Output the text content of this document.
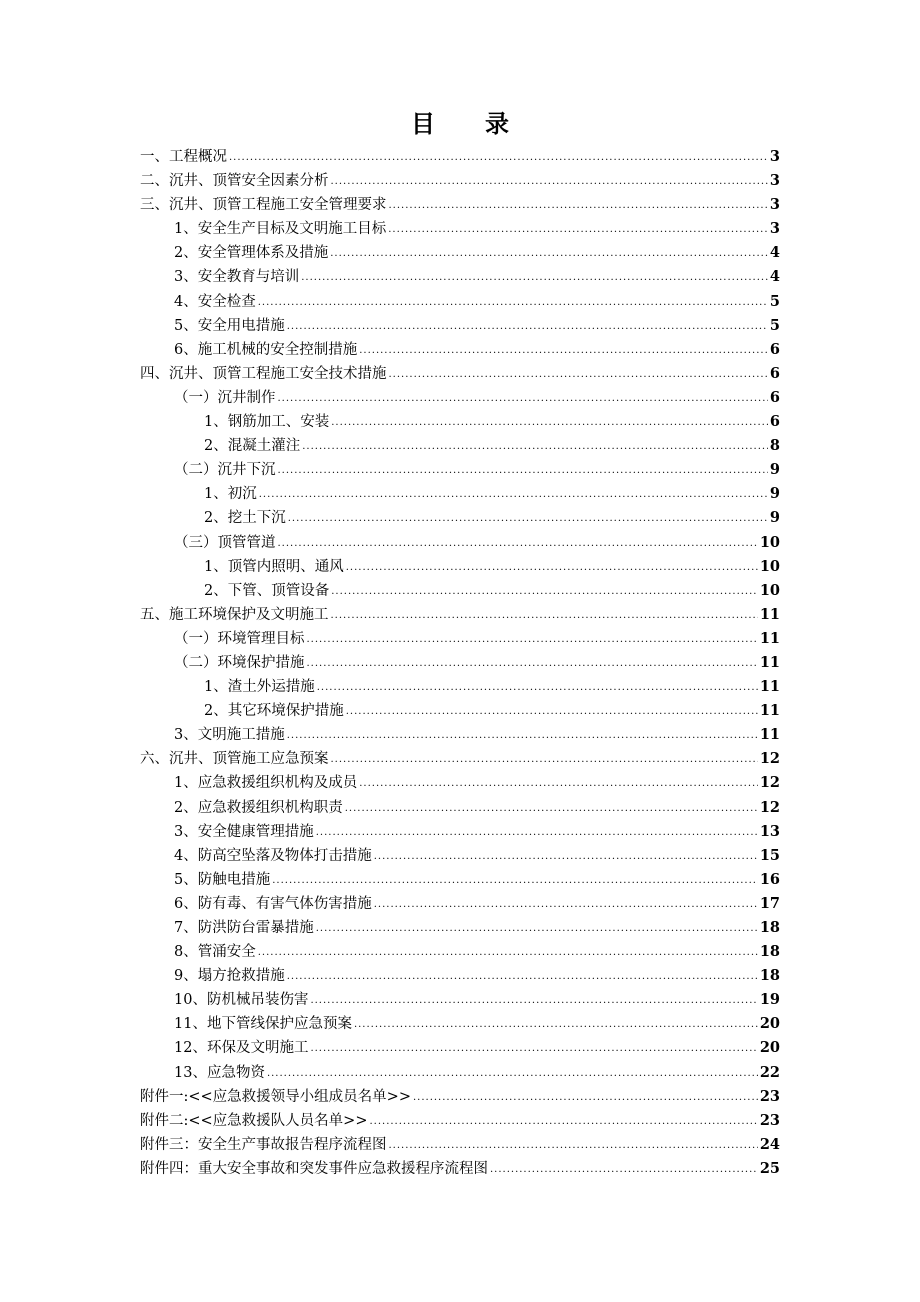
目 录
一、工程概况 .....	3
二、沉井、顶管安全因素分析 .....	3
三、沉井、顶管工程施工安全管理要求 .....	3
1、安全生产目标及文明施工目标 .....	3
2、安全管理体系及措施 .....	4
3、安全教育与培训 .....	4
4、安全检查 .....	5
5、安全用电措施 .....	5
6、施工机械的安全控制措施 .....	6
四、沉井、顶管工程施工安全技术措施 .....	6
（一）沉井制作 .....	6
1、钢筋加工、安装 .....	6
2、混凝土灌注 .....	8
（二）沉井下沉 .....	9
1、初沉 .....	9
2、挖土下沉 .....	9
（三）顶管管道 .....	10
1、顶管内照明、通风 .....	10
2、下管、顶管设备 .....	10
五、施工环境保护及文明施工 .....	11
（一）环境管理目标 .....	11
（二）环境保护措施 .....	11
1、渣土外运措施 .....	11
2、其它环境保护措施 .....	11
3、文明施工措施 .....	11
六、沉井、顶管施工应急预案 .....	12
1、应急救援组织机构及成员 .....	12
2、应急救援组织机构职责 .....	12
3、安全健康管理措施 .....	13
4、防高空坠落及物体打击措施 .....	15
5、防触电措施 .....	16
6、防有毒、有害气体伤害措施 .....	17
7、防洪防台雷暴措施 .....	18
8、管涌安全 .....	18
9、塌方抢救措施 .....	18
10、防机械吊装伤害 .....	19
11、地下管线保护应急预案 .....	20
12、环保及文明施工 .....	20
13、应急物资 .....	22
附件一:<<应急救援领导小组成员名单>> .....	23
附件二:<<应急救援队人员名单>> .....	23
附件三：安全生产事故报告程序流程图 .....	24
附件四：重大安全事故和突发事件应急救援程序流程图 .....	25
